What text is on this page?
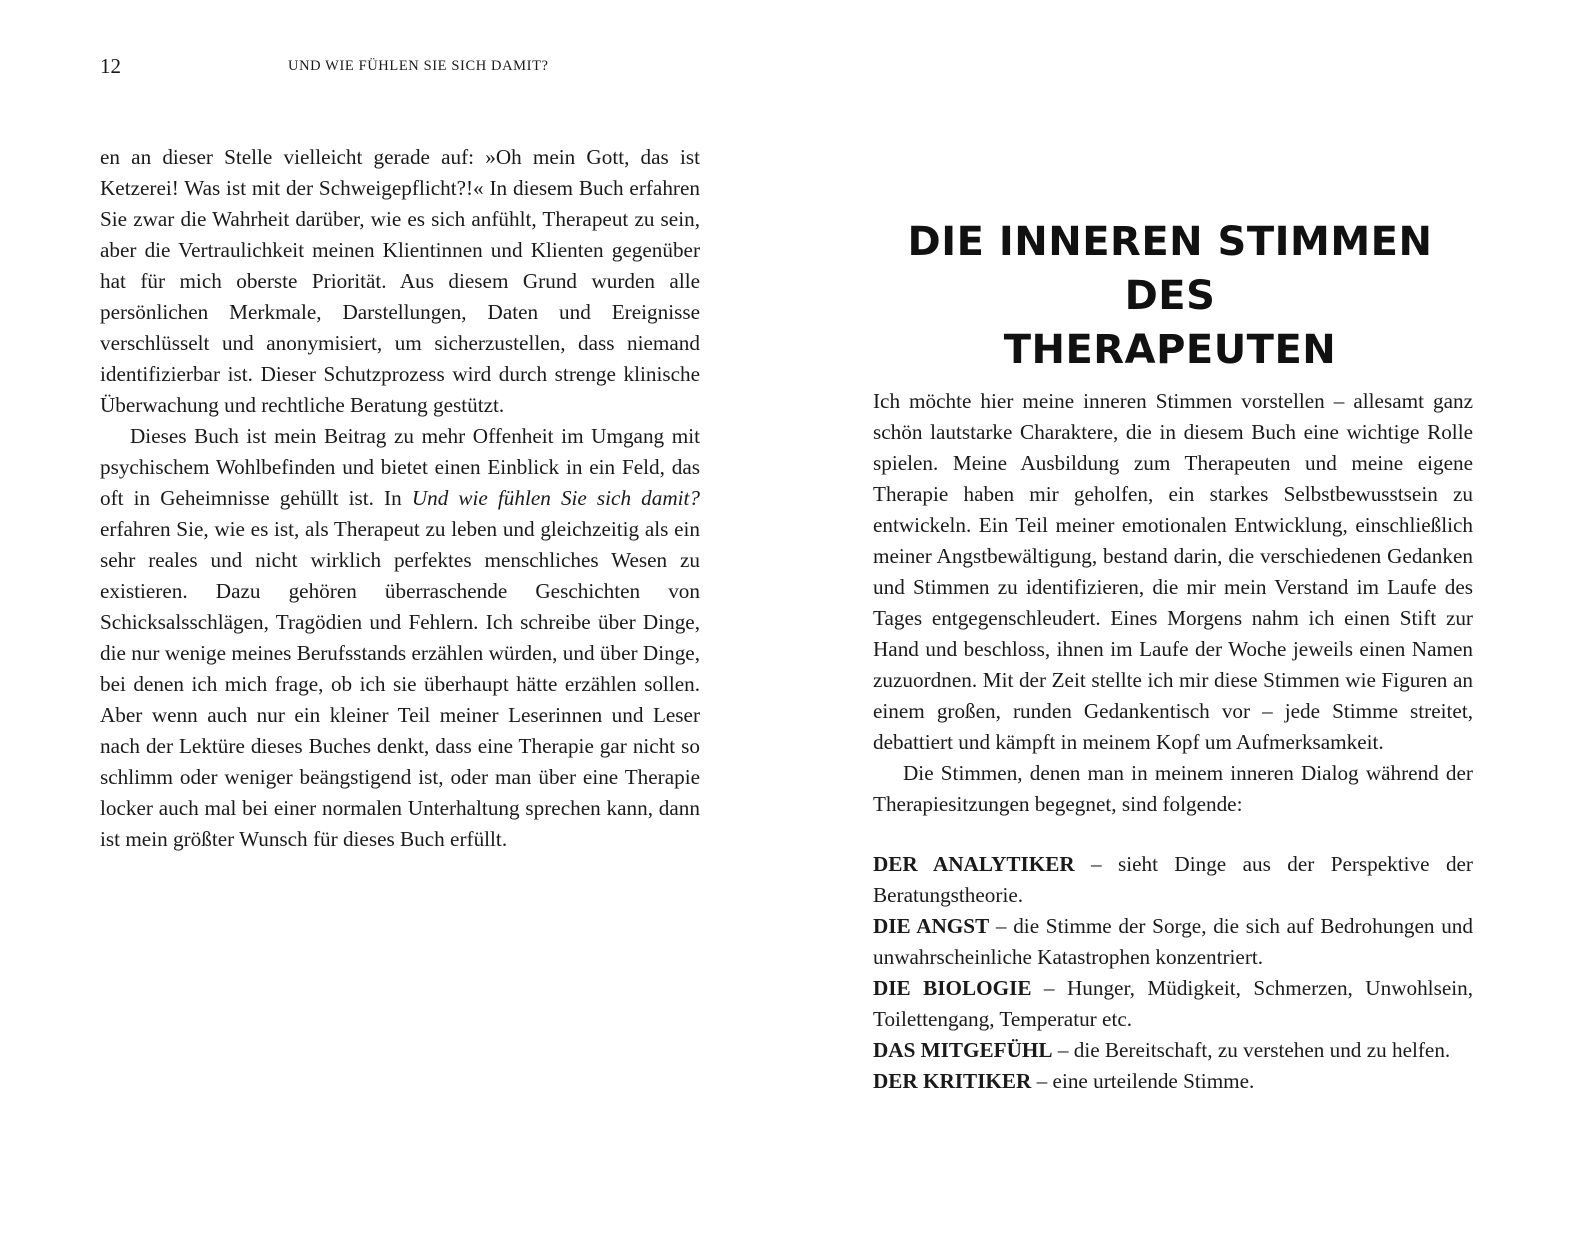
12	UND WIE FÜHLEN SIE SICH DAMIT?

en an dieser Stelle vielleicht gerade auf: »Oh mein Gott, das ist Ketzerei! Was ist mit der Schweigepflicht?!« In diesem Buch erfahren Sie zwar die Wahrheit darüber, wie es sich anfühlt, Therapeut zu sein, aber die Vertraulichkeit meinen Klientinnen und Klienten gegenüber hat für mich oberste Priorität. Aus diesem Grund wurden alle persönlichen Merkmale, Darstellungen, Daten und Ereignisse verschlüsselt und anonymisiert, um sicherzustellen, dass niemand identifizierbar ist. Dieser Schutzprozess wird durch strenge klinische Überwachung und rechtliche Beratung gestützt.

Dieses Buch ist mein Beitrag zu mehr Offenheit im Umgang mit psychischem Wohlbefinden und bietet einen Einblick in ein Feld, das oft in Geheimnisse gehüllt ist. In Und wie fühlen Sie sich damit? erfahren Sie, wie es ist, als Therapeut zu leben und gleichzeitig als ein sehr reales und nicht wirklich perfektes menschliches Wesen zu existieren. Dazu gehören überraschende Geschichten von Schicksalsschlägen, Tragödien und Fehlern. Ich schreibe über Dinge, die nur wenige meines Berufsstands erzählen würden, und über Dinge, bei denen ich mich frage, ob ich sie überhaupt hätte erzählen sollen. Aber wenn auch nur ein kleiner Teil meiner Leserinnen und Leser nach der Lektüre dieses Buches denkt, dass eine Therapie gar nicht so schlimm oder weniger beängstigend ist, oder man über eine Therapie locker auch mal bei einer normalen Unterhaltung sprechen kann, dann ist mein größter Wunsch für dieses Buch erfüllt.

DIE INNEREN STIMMEN DES
THERAPEUTEN

Ich möchte hier meine inneren Stimmen vorstellen – allesamt ganz schön lautstarke Charaktere, die in diesem Buch eine wichtige Rolle spielen. Meine Ausbildung zum Therapeuten und meine eigene Therapie haben mir geholfen, ein starkes Selbstbewusstsein zu entwickeln. Ein Teil meiner emotionalen Entwicklung, einschließlich meiner Angstbewältigung, bestand darin, die verschiedenen Gedanken und Stimmen zu identifizieren, die mir mein Verstand im Laufe des Tages entgegenschleudert. Eines Morgens nahm ich einen Stift zur Hand und beschloss, ihnen im Laufe der Woche jeweils einen Namen zuzuordnen. Mit der Zeit stellte ich mir diese Stimmen wie Figuren an einem großen, runden Gedankentisch vor – jede Stimme streitet, debattiert und kämpft in meinem Kopf um Aufmerksamkeit.

Die Stimmen, denen man in meinem inneren Dialog während der Therapiesitzungen begegnet, sind folgende:

DER ANALYTIKER – sieht Dinge aus der Perspektive der Beratungstheorie.
DIE ANGST – die Stimme der Sorge, die sich auf Bedrohungen und unwahrscheinliche Katastrophen konzentriert.
DIE BIOLOGIE – Hunger, Müdigkeit, Schmerzen, Unwohlsein, Toilettengang, Temperatur etc.
DAS MITGEFÜHL – die Bereitschaft, zu verstehen und zu helfen.
DER KRITIKER – eine urteilende Stimme.
